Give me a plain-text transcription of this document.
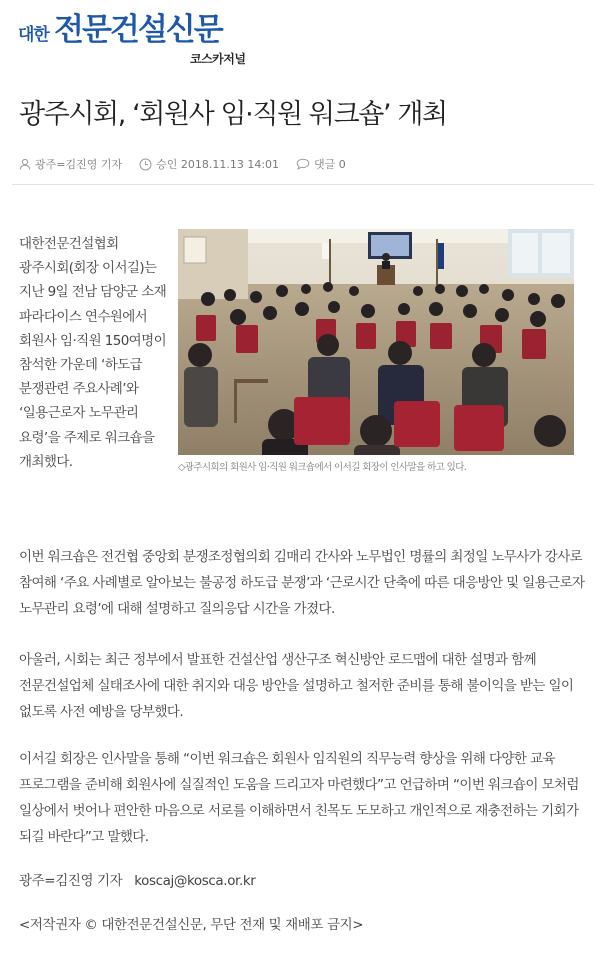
대한 전문건설신문
코스카저널
광주시회, ‘회원사 임·직원 워크숍’ 개최
광주=김진영 기자	승인 2018.11.13 14:01	댓글 0
대한전문건설협회 광주시회(회장 이서길)는 지난 9일 전남 담양군 소재 파라다이스 연수원에서 회원사 임·직원 150여명이 참석한 가운데 ‘하도급 분쟁관련 주요사례’와 ‘일용근로자 노무관리 요령’을 주제로 워크숍을 개최했다.	◇광주시회의 회원사 임·직원 워크숍에서 이서길 회장이 인사말을 하고 있다.

이번 워크숍은 전건협 중앙회 분쟁조정협의회 김매리 간사와 노무법인 명률의 최정일 노무사가 강사로 참여해 ‘주요 사례별로 알아보는 불공정 하도급 분쟁’과 ‘근로시간 단축에 따른 대응방안 및 일용근로자 노무관리 요령’에 대해 설명하고 질의응답 시간을 가졌다.

아울러, 시회는 최근 정부에서 발표한 건설산업 생산구조 혁신방안 로드맵에 대한 설명과 함께 전문건설업체 실태조사에 대한 취지와 대응 방안을 설명하고 철저한 준비를 통해 불이익을 받는 일이 없도록 사전 예방을 당부했다.

이서길 회장은 인사말을 통해 “이번 워크숍은 회원사 임직원의 직무능력 향상을 위해 다양한 교육 프로그램을 준비해 회원사에 실질적인 도움을 드리고자 마련했다”고 언급하며 “이번 워크숍이 모처럼 일상에서 벗어나 편안한 마음으로 서로를 이해하면서 친목도 도모하고 개인적으로 재충전하는 기회가 되길 바란다”고 말했다.

광주=김진영 기자 koscaj@kosca.or.kr
<저작권자 © 대한전문건설신문, 무단 전재 및 재배포 금지>
